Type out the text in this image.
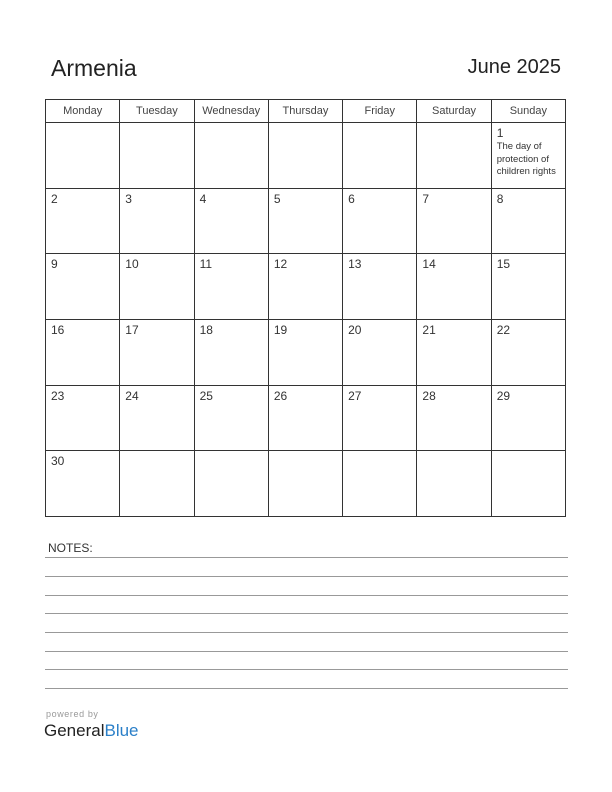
Armenia	June 2025
Monday	Tuesday	Wednesday	Thursday	Friday	Saturday	Sunday

						1
The day of protection of children rights

2	3	4	5	6	7	8

9	10	11	12	13	14	15

16	17	18	19	20	21	22

23	24	25	26	27	28	29

30						

NOTES:
powered by
GeneralBlue
